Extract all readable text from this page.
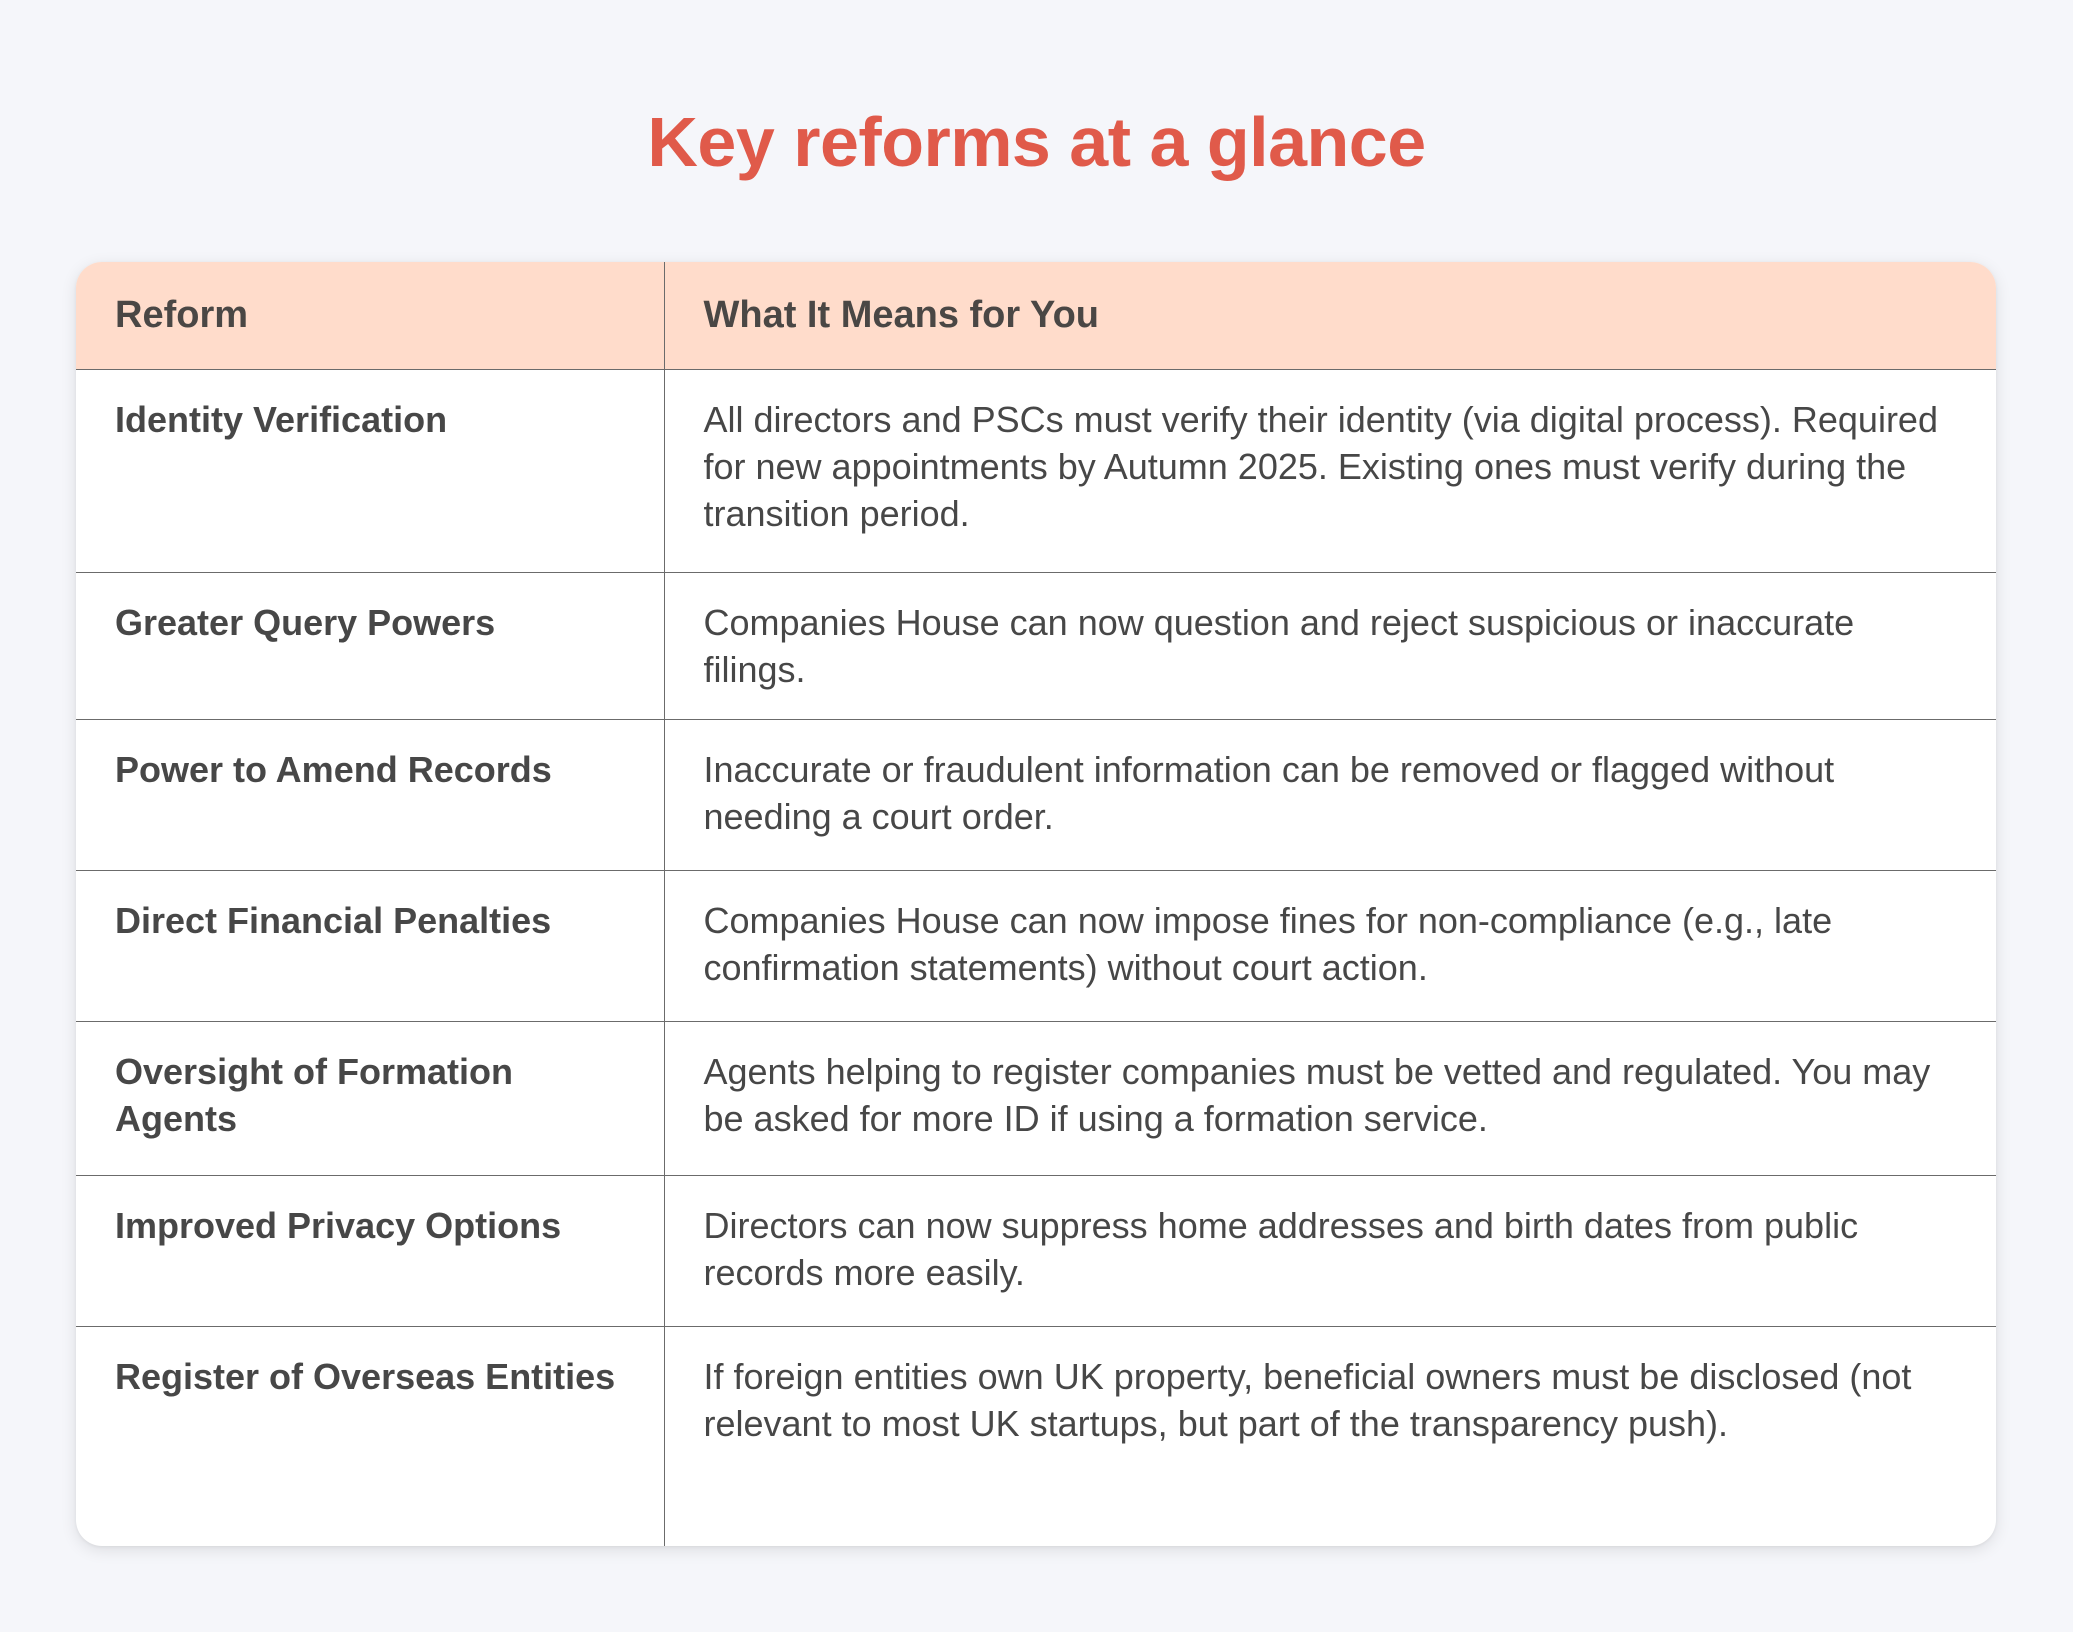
Key reforms at a glance
Reform	What It Means for You
Identity Verification	All directors and PSCs must verify their identity (via digital process). Required for new appointments by Autumn 2025. Existing ones must verify during the transition period.
Greater Query Powers	Companies House can now question and reject suspicious or inaccurate filings.
Power to Amend Records	Inaccurate or fraudulent information can be removed or flagged without needing a court order.
Direct Financial Penalties	Companies House can now impose fines for non-compliance (e.g., late confirmation statements) without court action.
Oversight of Formation Agents	Agents helping to register companies must be vetted and regulated. You may be asked for more ID if using a formation service.
Improved Privacy Options	Directors can now suppress home addresses and birth dates from public records more easily.
Register of Overseas Entities	If foreign entities own UK property, beneficial owners must be disclosed (not relevant to most UK startups, but part of the transparency push).
